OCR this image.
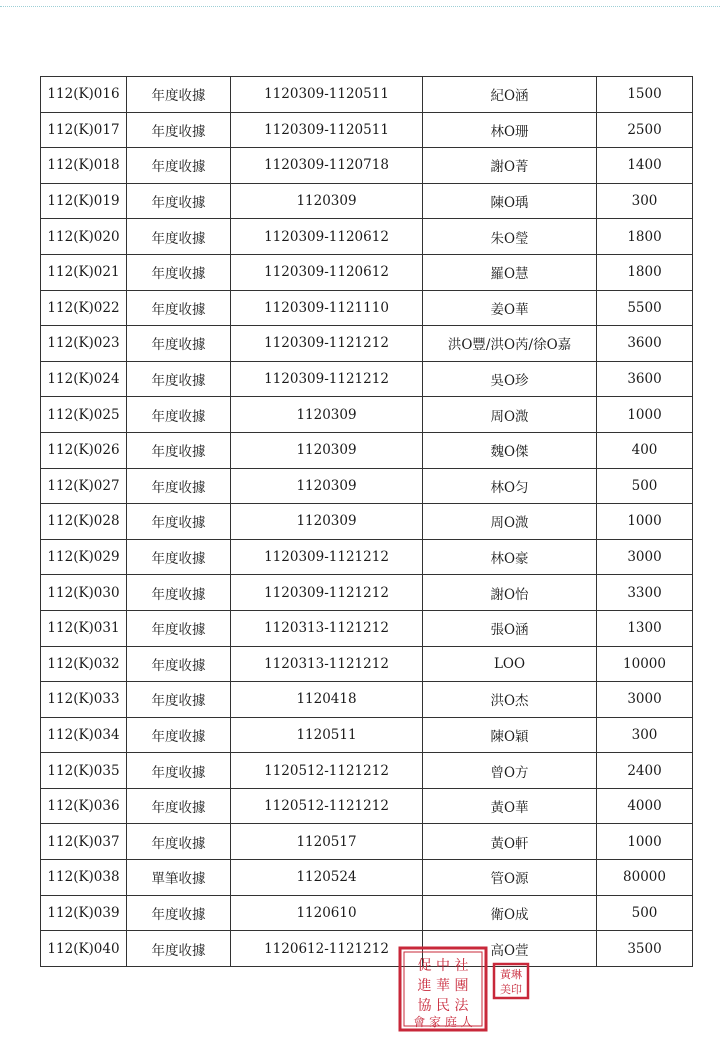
112(K)016	年度收據	1120309-1120511	紀O涵	1500
112(K)017	年度收據	1120309-1120511	林O珊	2500
112(K)018	年度收據	1120309-1120718	謝O菁	1400
112(K)019	年度收據	1120309	陳O瑀	300
112(K)020	年度收據	1120309-1120612	朱O瑩	1800
112(K)021	年度收據	1120309-1120612	羅O慧	1800
112(K)022	年度收據	1120309-1121110	姜O華	5500
112(K)023	年度收據	1120309-1121212	洪O豐/洪O芮/徐O嘉	3600
112(K)024	年度收據	1120309-1121212	吳O珍	3600
112(K)025	年度收據	1120309	周O溦	1000
112(K)026	年度收據	1120309	魏O傑	400
112(K)027	年度收據	1120309	林O匀	500
112(K)028	年度收據	1120309	周O溦	1000
112(K)029	年度收據	1120309-1121212	林O豪	3000
112(K)030	年度收據	1120309-1121212	謝O怡	3300
112(K)031	年度收據	1120313-1121212	張O涵	1300
112(K)032	年度收據	1120313-1121212	LOO	10000
112(K)033	年度收據	1120418	洪O杰	3000
112(K)034	年度收據	1120511	陳O穎	300
112(K)035	年度收據	1120512-1121212	曾O方	2400
112(K)036	年度收據	1120512-1121212	黃O華	4000
112(K)037	年度收據	1120517	黃O軒	1000
112(K)038	單筆收據	1120524	管O源	80000
112(K)039	年度收據	1120610	衛O成	500
112(K)040	年度收據	1120612-1121212	高O萱	3500
促 中 社
進 華 團
協 民 法
會 家 庭 人
黃琳
美印
